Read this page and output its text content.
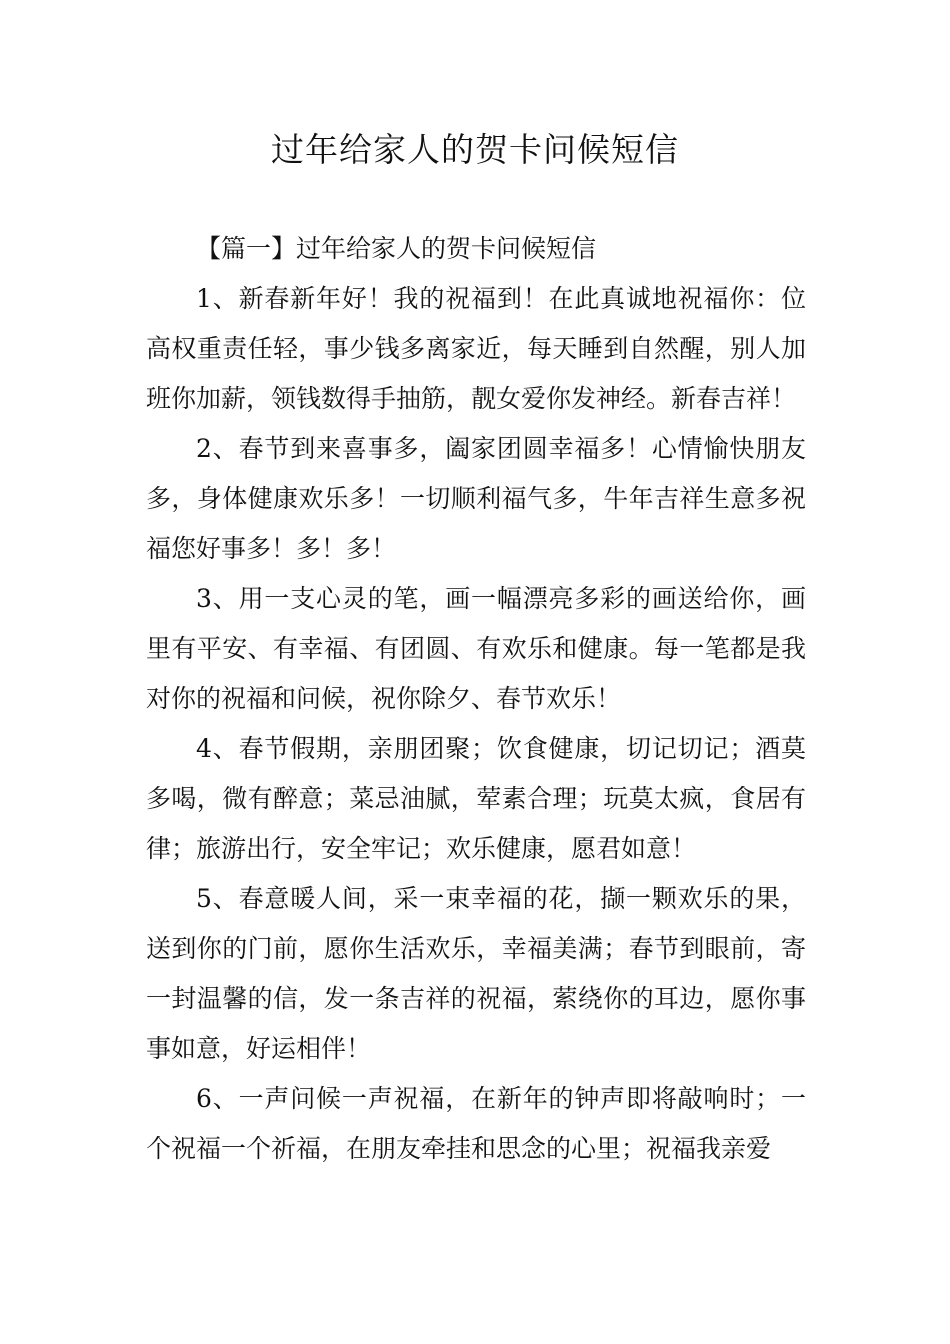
过年给家人的贺卡问候短信

【篇一】过年给家人的贺卡问候短信

1、新春新年好！我的祝福到！在此真诚地祝福你：位高权重责任轻，事少钱多离家近，每天睡到自然醒，别人加班你加薪，领钱数得手抽筋，靓女爱你发神经。新春吉祥！

2、春节到来喜事多，阖家团圆幸福多！心情愉快朋友多，身体健康欢乐多！一切顺利福气多，牛年吉祥生意多祝福您好事多！多！多！

3、用一支心灵的笔，画一幅漂亮多彩的画送给你，画里有平安、有幸福、有团圆、有欢乐和健康。每一笔都是我对你的祝福和问候，祝你除夕、春节欢乐！

4、春节假期，亲朋团聚；饮食健康，切记切记；酒莫多喝，微有醉意；菜忌油腻，荤素合理；玩莫太疯，食居有律；旅游出行，安全牢记；欢乐健康，愿君如意！

5、春意暖人间，采一束幸福的花，撷一颗欢乐的果，送到你的门前，愿你生活欢乐，幸福美满；春节到眼前，寄一封温馨的信，发一条吉祥的祝福，萦绕你的耳边，愿你事事如意，好运相伴！

6、一声问候一声祝福，在新年的钟声即将敲响时；一个祝福一个祈福，在朋友牵挂和思念的心里；祝福我亲爱
